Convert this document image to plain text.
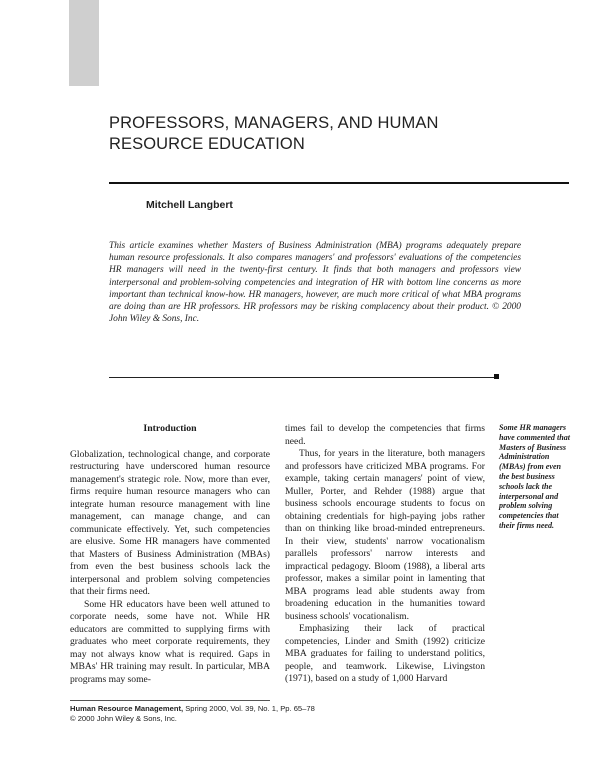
PROFESSORS, MANAGERS, AND HUMAN
RESOURCE EDUCATION
Mitchell Langbert

This article examines whether Masters of Business Administration (MBA) programs adequately prepare human resource professionals. It also compares managers' and professors' evaluations of the competencies HR managers will need in the twenty-first century. It finds that both managers and professors view interpersonal and problem-solving competencies and integration of HR with bottom line concerns as more important than technical know-how. HR managers, however, are much more critical of what MBA programs are doing than are HR professors. HR professors may be risking complacency about their product. © 2000 John Wiley & Sons, Inc.

Introduction

Globalization, technological change, and corporate restructuring have underscored human resource management's strategic role. Now, more than ever, firms require human resource managers who can integrate human resource management with line management, can manage change, and can communicate effectively. Yet, such competencies are elusive. Some HR managers have commented that Masters of Business Administration (MBAs) from even the best business schools lack the interpersonal and problem solving competencies that their firms need.

Some HR educators have been well attuned to corporate needs, some have not. While HR educators are committed to supplying firms with graduates who meet corporate requirements, they may not always know what is required. Gaps in MBAs' HR training may result. In particular, MBA programs may some-

times fail to develop the competencies that firms need.

Thus, for years in the literature, both managers and professors have criticized MBA programs. For example, taking certain managers' point of view, Muller, Porter, and Rehder (1988) argue that business schools encourage students to focus on obtaining credentials for high-paying jobs rather than on thinking like broad-minded entrepreneurs. In their view, students' narrow vocationalism parallels professors' narrow interests and impractical pedagogy. Bloom (1988), a liberal arts professor, makes a similar point in lamenting that MBA programs lead able students away from broadening education in the humanities toward business schools' vocationalism.

Emphasizing their lack of practical competencies, Linder and Smith (1992) criticize MBA graduates for failing to understand politics, people, and teamwork. Likewise, Livingston (1971), based on a study of 1,000 Harvard

Some HR managers have commented that Masters of Business Administration (MBAs) from even the best business schools lack the interpersonal and problem solving competencies that their firms need.

Human Resource Management, Spring 2000, Vol. 39, No. 1, Pp. 65–78
© 2000 John Wiley & Sons, Inc.
